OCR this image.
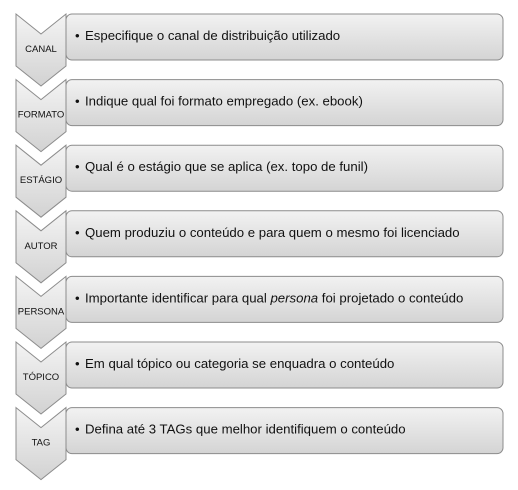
CANAL
• Especifique o canal de distribuição utilizado
FORMATO
• Indique qual foi formato empregado (ex. ebook)
ESTÁGIO
• Qual é o estágio que se aplica (ex. topo de funil)
AUTOR
• Quem produziu o conteúdo e para quem o mesmo foi licenciado
PERSONA
• Importante identificar para qual persona foi projetado o conteúdo
TÓPICO
• Em qual tópico ou categoria se enquadra o conteúdo
TAG
• Defina até 3 TAGs que melhor identifiquem o conteúdo
